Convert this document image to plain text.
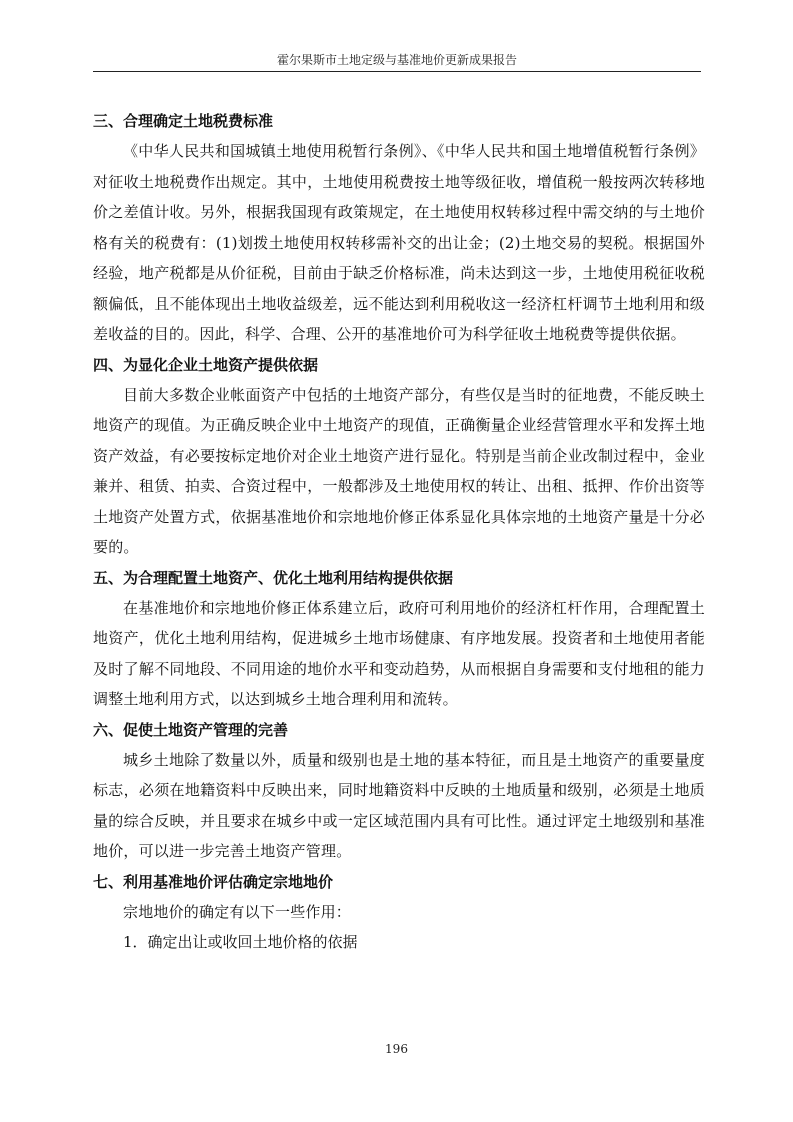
霍尔果斯市土地定级与基准地价更新成果报告
三、合理确定土地税费标准

《中华人民共和国城镇土地使用税暂行条例》、《中华人民共和国土地增值税暂行条例》对征收土地税费作出规定。其中，土地使用税费按土地等级征收，增值税一般按两次转移地价之差值计收。另外，根据我国现有政策规定，在土地使用权转移过程中需交纳的与土地价格有关的税费有：(1)划拨土地使用权转移需补交的出让金；(2)土地交易的契税。根据国外经验，地产税都是从价征税，目前由于缺乏价格标准，尚未达到这一步，土地使用税征收税额偏低，且不能体现出土地收益级差，远不能达到利用税收这一经济杠杆调节土地利用和级差收益的目的。因此，科学、合理、公开的基准地价可为科学征收土地税费等提供依据。

四、为显化企业土地资产提供依据

目前大多数企业帐面资产中包括的土地资产部分，有些仅是当时的征地费，不能反映土地资产的现值。为正确反映企业中土地资产的现值，正确衡量企业经营管理水平和发挥土地资产效益，有必要按标定地价对企业土地资产进行显化。特别是当前企业改制过程中，金业兼并、租赁、拍卖、合资过程中，一般都涉及土地使用权的转让、出租、抵押、作价出资等土地资产处置方式，依据基准地价和宗地地价修正体系显化具体宗地的土地资产量是十分必要的。

五、为合理配置土地资产、优化土地利用结构提供依据

在基准地价和宗地地价修正体系建立后，政府可利用地价的经济杠杆作用，合理配置土地资产，优化土地利用结构，促进城乡土地市场健康、有序地发展。投资者和土地使用者能及时了解不同地段、不同用途的地价水平和变动趋势，从而根据自身需要和支付地租的能力调整土地利用方式，以达到城乡土地合理利用和流转。

六、促使土地资产管理的完善

城乡土地除了数量以外，质量和级别也是土地的基本特征，而且是土地资产的重要量度标志，必须在地籍资料中反映出来，同时地籍资料中反映的土地质量和级别，必须是土地质量的综合反映，并且要求在城乡中或一定区域范围内具有可比性。通过评定土地级别和基准地价，可以进一步完善土地资产管理。

七、利用基准地价评估确定宗地地价

宗地地价的确定有以下一些作用：

1．确定出让或收回土地价格的依据

196
